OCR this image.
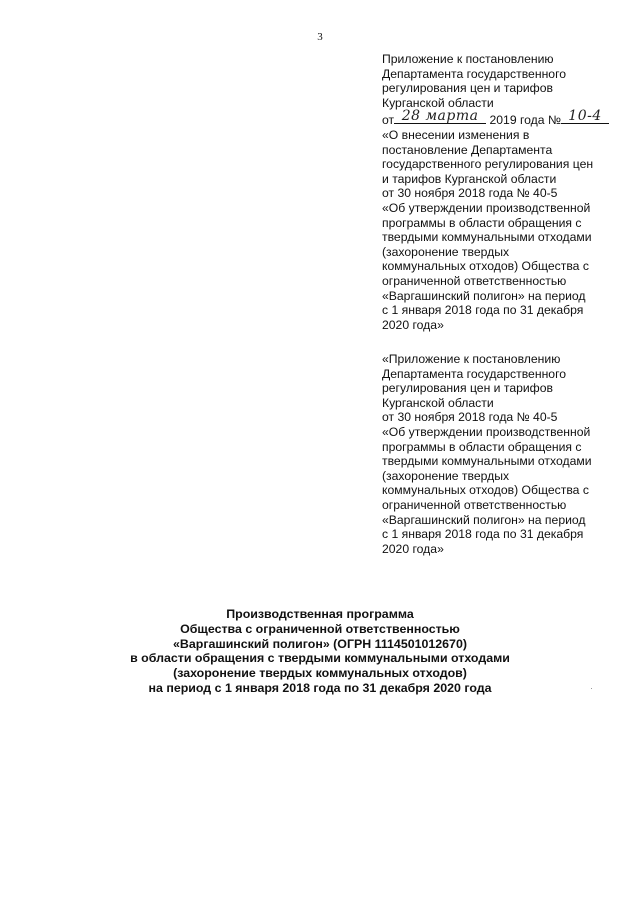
3
Приложение к постановлению
Департамента государственного
регулирования цен и тарифов
Курганской области
от 28 марта 2019 года № 10-4
«О внесении изменения в
постановление Департамента
государственного регулирования цен
и тарифов Курганской области
от 30 ноября 2018 года № 40-5
«Об утверждении производственной
программы в области обращения с
твердыми коммунальными отходами
(захоронение твердых
коммунальных отходов) Общества с
ограниченной ответственностью
«Варгашинский полигон» на период
с 1 января 2018 года по 31 декабря
2020 года»
«Приложение к постановлению
Департамента государственного
регулирования цен и тарифов
Курганской области
от 30 ноября 2018 года № 40-5
«Об утверждении производственной
программы в области обращения с
твердыми коммунальными отходами
(захоронение твердых
коммунальных отходов) Общества с
ограниченной ответственностью
«Варгашинский полигон» на период
с 1 января 2018 года по 31 декабря
2020 года»
Производственная программа
Общества с ограниченной ответственностью
«Варгашинский полигон» (ОГРН 1114501012670)
в области обращения с твердыми коммунальными отходами
(захоронение твердых коммунальных отходов)
на период с 1 января 2018 года по 31 декабря 2020 года
